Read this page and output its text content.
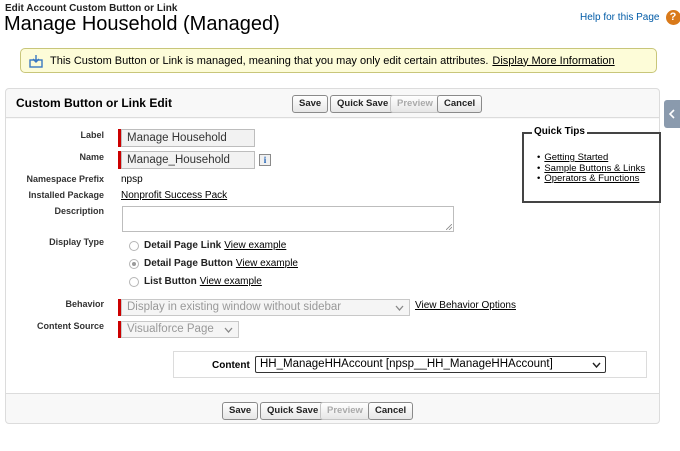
Edit Account Custom Button or Link
Manage Household (Managed)	Help for this Page ?
This Custom Button or Link is managed, meaning that you may only edit certain attributes. Display More Information
Custom Button or Link Edit	Save	Quick Save Preview	Cancel
Label	Manage Household
Name	Manage_Household	i
Namespace Prefix npsp
Installed Package Nonprofit Success Pack
Description
Display Type	Detail Page Link View example
Detail Page Button View example
List Button View example
Behavior Display in existing window without sidebar	View Behavior Options
Content Source Visualforce Page
Quick Tips
• Getting Started
• Sample Buttons & Links
• Operators & Functions
Content HH_ManageHHAccount [npsp__HH_ManageHHAccount]
Save	Quick Save Preview	Cancel
